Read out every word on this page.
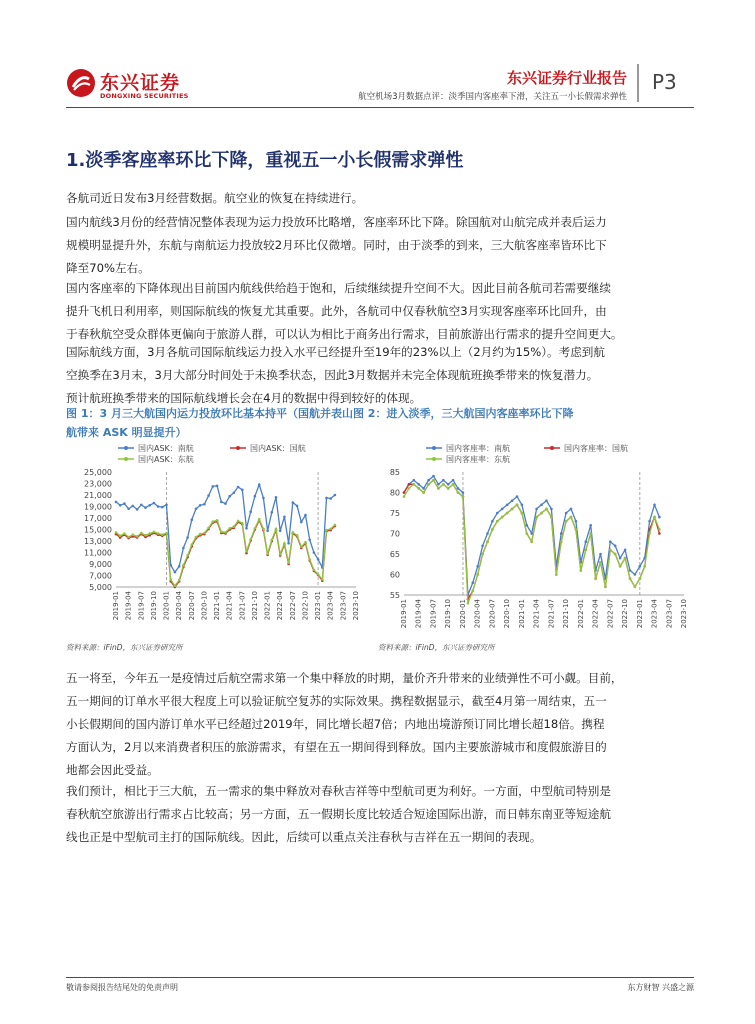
东兴证券
DONGXING SECURITIES
东兴证券行业报告
航空机场3月数据点评：淡季国内客座率下滑，关注五一小长假需求弹性
P3
1.淡季客座率环比下降，重视五一小长假需求弹性
各航司近日发布3月经营数据。航空业的恢复在持续进行。
国内航线3月份的经营情况整体表现为运力投放环比略增，客座率环比下降。除国航对山航完成并表后运力
规模明显提升外，东航与南航运力投放较2月环比仅微增。同时，由于淡季的到来，三大航客座率皆环比下
降至70%左右。
国内客座率的下降体现出目前国内航线供给趋于饱和，后续继续提升空间不大。因此目前各航司若需要继续
提升飞机日利用率，则国际航线的恢复尤其重要。此外，各航司中仅春秋航空3月实现客座率环比回升，由
于春秋航空受众群体更偏向于旅游人群，可以认为相比于商务出行需求，目前旅游出行需求的提升空间更大。
国际航线方面，3月各航司国际航线运力投入水平已经提升至19年的23%以上（2月约为15%）。考虑到航
空换季在3月末，3月大部分时间处于未换季状态，因此3月数据并未完全体现航班换季带来的恢复潜力。
预计航班换季带来的国际航线增长会在4月的数据中得到较好的体现。
图 1：3 月三大航国内运力投放环比基本持平（国航并表山图 2：进入淡季，三大航国内客座率环比下降
航带来 ASK 明显提升）
25,000
23,000
21,000
19,000
17,000
15,000
13,000
11,000
9,000
7,000
5,000
2019-01 2019-04 2019-07 2019-10 2020-01 2020-04 2020-07 2020-10 2021-01 2021-04 2021-07 2021-10 2022-01 2022-04 2022-07 2022-10 2023-01 2023-04 2023-07 2023-10
国内ASK：南航	国内ASK：国航
国内ASK：东航
85
80
75
70
65
60
55
2019-01 2019-04 2019-07 2019-10 2020-01 2020-04 2020-07 2020-10 2021-01 2021-04 2021-07 2021-10 2022-01 2022-04 2022-07 2022-10 2023-01 2023-04 2023-07 2023-10
国内客座率：南航	国内客座率：国航
国内客座率：东航
资料来源：iFinD，东兴证券研究所	资料来源：iFinD，东兴证券研究所
五一将至，今年五一是疫情过后航空需求第一个集中释放的时期，量价齐升带来的业绩弹性不可小觑。目前，
五一期间的订单水平很大程度上可以验证航空复苏的实际效果。携程数据显示，截至4月第一周结束，五一
小长假期间的国内游订单水平已经超过2019年，同比增长超7倍；内地出境游预订同比增长超18倍。携程
方面认为，2月以来消费者积压的旅游需求，有望在五一期间得到释放。国内主要旅游城市和度假旅游目的
地都会因此受益。
我们预计，相比于三大航，五一需求的集中释放对春秋吉祥等中型航司更为利好。一方面，中型航司特别是
春秋航空旅游出行需求占比较高；另一方面，五一假期长度比较适合短途国际出游，而日韩东南亚等短途航
线也正是中型航司主打的国际航线。因此，后续可以重点关注春秋与吉祥在五一期间的表现。
敬请参阅报告结尾处的免责声明	东方财智 兴盛之源
